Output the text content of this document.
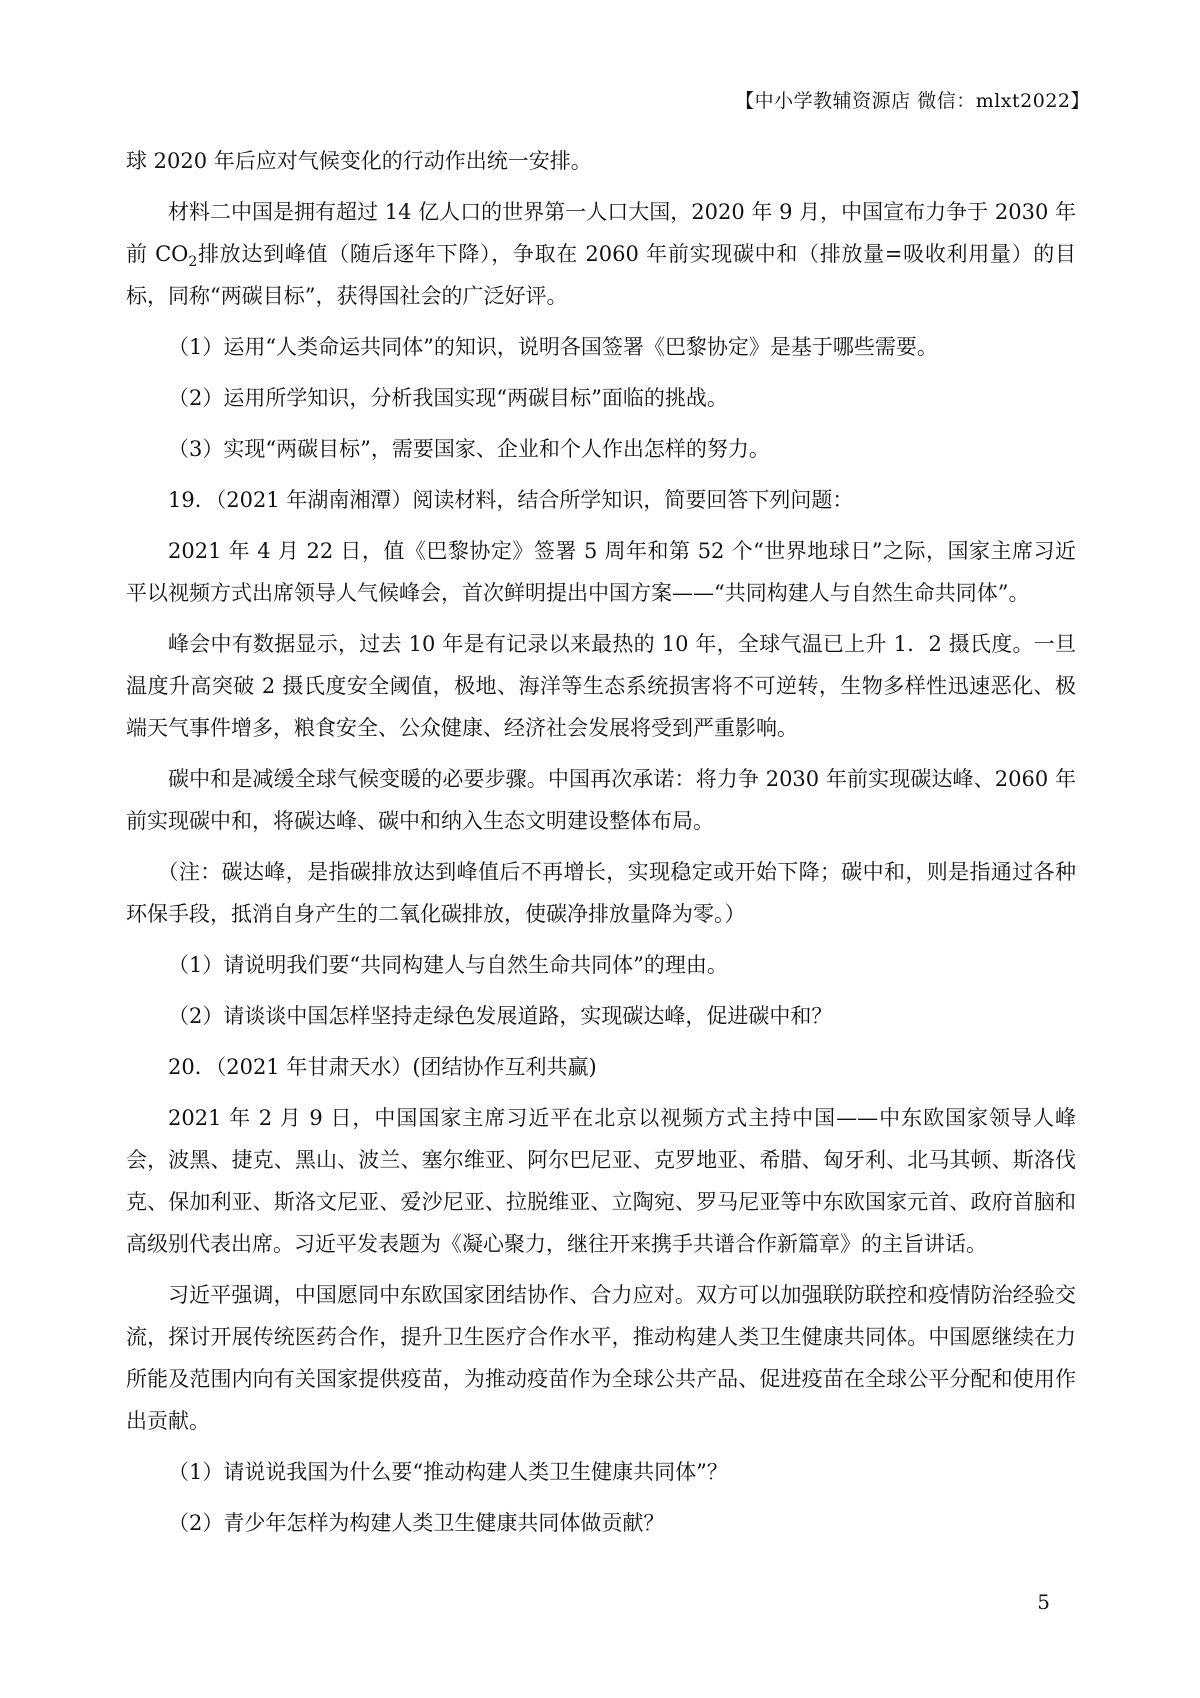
【中小学教辅资源店 微信：mlxt2022】

球 2020 年后应对气候变化的行动作出统一安排。

材料二中国是拥有超过 14 亿人口的世界第一人口大国，2020 年 9 月，中国宣布力争于 2030 年前 $CO_2$排放达到峰值（随后逐年下降），争取在 2060 年前实现碳中和（排放量=吸收利用量）的目标，同称“两碳目标”，获得国社会的广泛好评。

（1）运用“人类命运共同体”的知识，说明各国签署《巴黎协定》是基于哪些需要。

（2）运用所学知识，分析我国实现“两碳目标”面临的挑战。

（3）实现“两碳目标”，需要国家、企业和个人作出怎样的努力。

19．（2021 年湖南湘潭）阅读材料，结合所学知识，简要回答下列问题：

2021 年 4 月 22 日，值《巴黎协定》签署 5 周年和第 52 个“世界地球日”之际，国家主席习近平以视频方式出席领导人气候峰会，首次鲜明提出中国方案——“共同构建人与自然生命共同体”。

峰会中有数据显示，过去 10 年是有记录以来最热的 10 年，全球气温已上升 1．2 摄氏度。一旦温度升高突破 2 摄氏度安全阈值，极地、海洋等生态系统损害将不可逆转，生物多样性迅速恶化、极端天气事件增多，粮食安全、公众健康、经济社会发展将受到严重影响。

碳中和是减缓全球气候变暖的必要步骤。中国再次承诺：将力争 2030 年前实现碳达峰、2060 年前实现碳中和，将碳达峰、碳中和纳入生态文明建设整体布局。

（注：碳达峰，是指碳排放达到峰值后不再增长，实现稳定或开始下降；碳中和，则是指通过各种环保手段，抵消自身产生的二氧化碳排放，使碳净排放量降为零。）

（1）请说明我们要“共同构建人与自然生命共同体”的理由。

（2）请谈谈中国怎样坚持走绿色发展道路，实现碳达峰，促进碳中和？

20．（2021 年甘肃天水）(团结协作互利共赢)

2021 年 2 月 9 日，中国国家主席习近平在北京以视频方式主持中国——中东欧国家领导人峰会，波黑、捷克、黑山、波兰、塞尔维亚、阿尔巴尼亚、克罗地亚、希腊、匈牙利、北马其顿、斯洛伐克、保加利亚、斯洛文尼亚、爱沙尼亚、拉脱维亚、立陶宛、罗马尼亚等中东欧国家元首、政府首脑和高级别代表出席。习近平发表题为《凝心聚力，继往开来携手共谱合作新篇章》的主旨讲话。

习近平强调，中国愿同中东欧国家团结协作、合力应对。双方可以加强联防联控和疫情防治经验交流，探讨开展传统医药合作，提升卫生医疗合作水平，推动构建人类卫生健康共同体。中国愿继续在力所能及范围内向有关国家提供疫苗，为推动疫苗作为全球公共产品、促进疫苗在全球公平分配和使用作出贡献。

（1）请说说我国为什么要“推动构建人类卫生健康共同体”？

（2）青少年怎样为构建人类卫生健康共同体做贡献？

5
